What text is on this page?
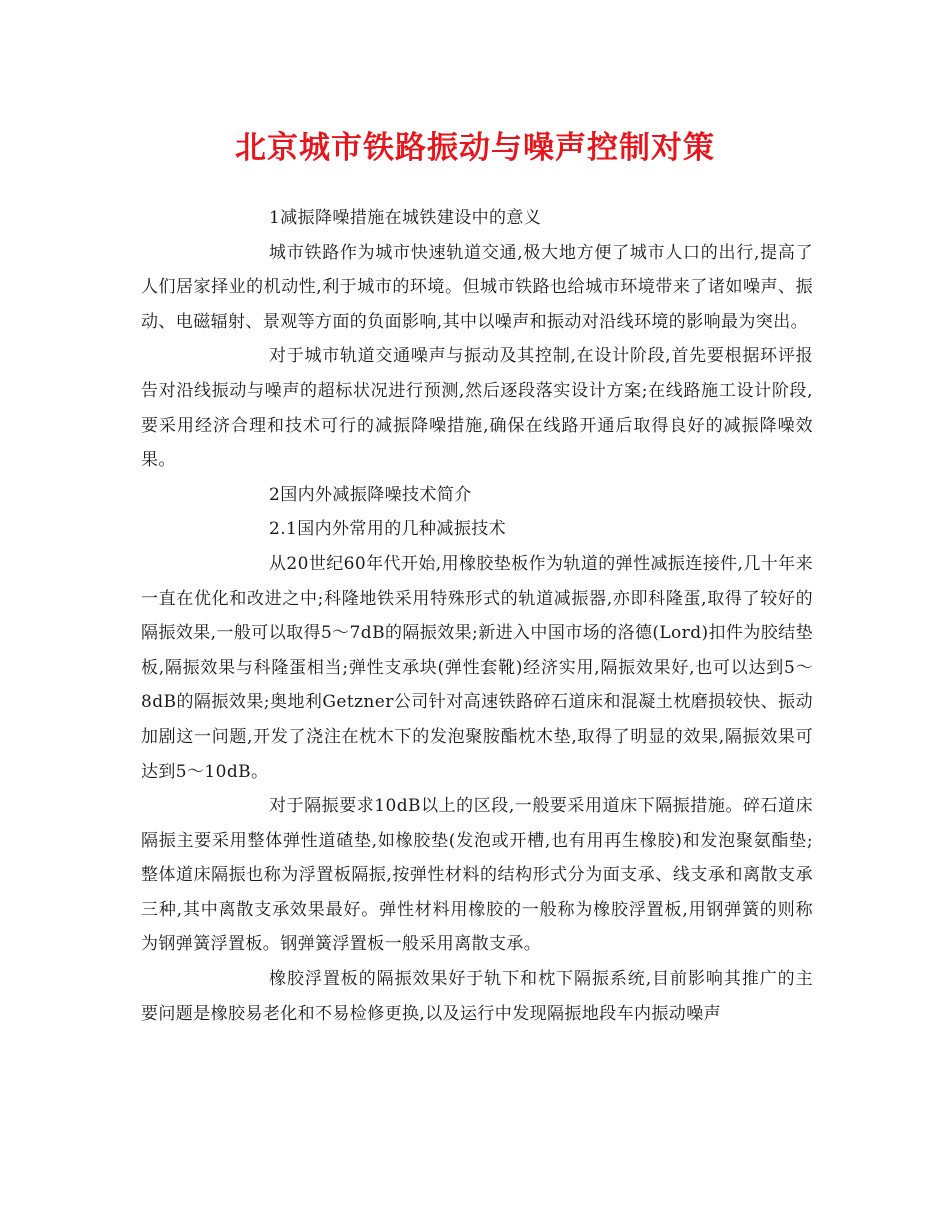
北京城市铁路振动与噪声控制对策

1减振降噪措施在城铁建设中的意义

城市铁路作为城市快速轨道交通,极大地方便了城市人口的出行,提高了人们居家择业的机动性,利于城市的环境。但城市铁路也给城市环境带来了诸如噪声、振动、电磁辐射、景观等方面的负面影响,其中以噪声和振动对沿线环境的影响最为突出。

对于城市轨道交通噪声与振动及其控制,在设计阶段,首先要根据环评报告对沿线振动与噪声的超标状况进行预测,然后逐段落实设计方案;在线路施工设计阶段,要采用经济合理和技术可行的减振降噪措施,确保在线路开通后取得良好的减振降噪效果。

2国内外减振降噪技术简介

2.1国内外常用的几种减振技术

从20世纪60年代开始,用橡胶垫板作为轨道的弹性减振连接件,几十年来一直在优化和改进之中;科隆地铁采用特殊形式的轨道减振器,亦即科隆蛋,取得了较好的隔振效果,一般可以取得5～7dB的隔振效果;新进入中国市场的洛德(Lord)扣件为胶结垫板,隔振效果与科隆蛋相当;弹性支承块(弹性套靴)经济实用,隔振效果好,也可以达到5～8dB的隔振效果;奥地利Getzner公司针对高速铁路碎石道床和混凝土枕磨损较快、振动加剧这一问题,开发了浇注在枕木下的发泡聚胺酯枕木垫,取得了明显的效果,隔振效果可达到5～10dB。

对于隔振要求10dB以上的区段,一般要采用道床下隔振措施。碎石道床隔振主要采用整体弹性道碴垫,如橡胶垫(发泡或开槽,也有用再生橡胶)和发泡聚氨酯垫;整体道床隔振也称为浮置板隔振,按弹性材料的结构形式分为面支承、线支承和离散支承三种,其中离散支承效果最好。弹性材料用橡胶的一般称为橡胶浮置板,用钢弹簧的则称为钢弹簧浮置板。钢弹簧浮置板一般采用离散支承。

橡胶浮置板的隔振效果好于轨下和枕下隔振系统,目前影响其推广的主要问题是橡胶易老化和不易检修更换,以及运行中发现隔振地段车内振动噪声
